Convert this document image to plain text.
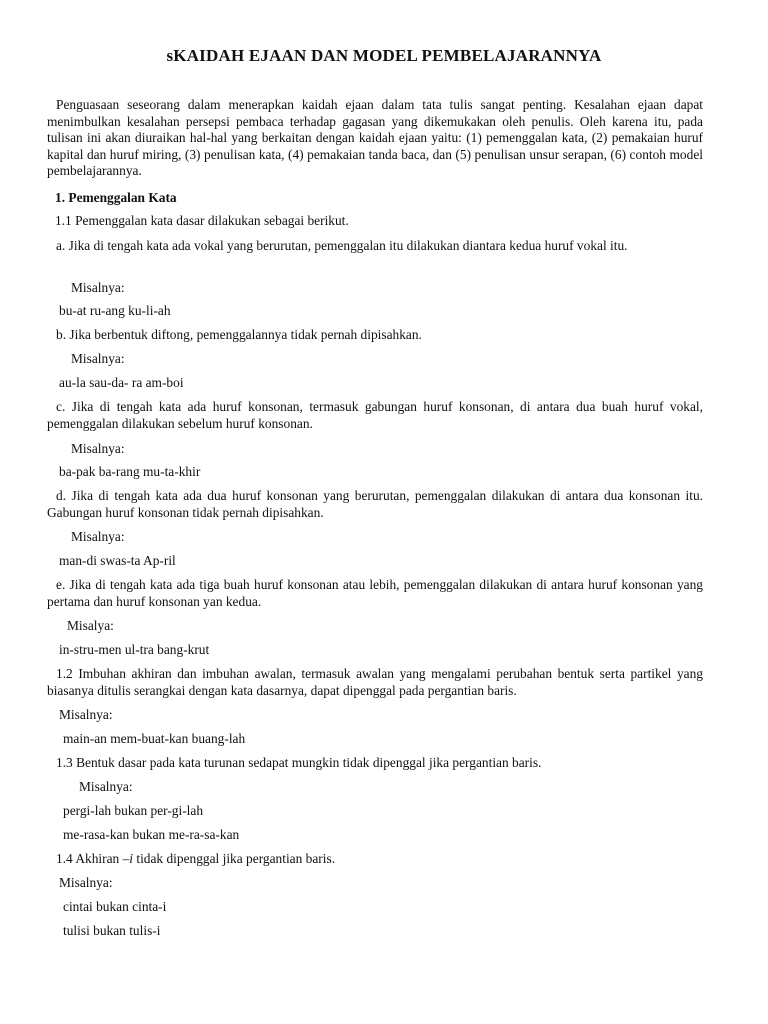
sKAIDAH EJAAN DAN MODEL PEMBELAJARANNYA
Penguasaan seseorang dalam menerapkan kaidah ejaan dalam tata tulis sangat penting. Kesalahan ejaan dapat menimbulkan kesalahan persepsi pembaca terhadap gagasan yang dikemukakan oleh penulis. Oleh karena itu, pada tulisan ini akan diuraikan hal-hal yang berkaitan dengan kaidah ejaan yaitu: (1) pemenggalan kata, (2) pemakaian huruf kapital dan huruf miring, (3) penulisan kata, (4) pemakaian tanda baca, dan (5) penulisan unsur serapan, (6) contoh model pembelajarannya.
1. Pemenggalan Kata
1.1 Pemenggalan kata dasar dilakukan sebagai berikut.
a. Jika di tengah kata ada vokal yang berurutan, pemenggalan itu dilakukan diantara kedua huruf vokal itu.
Misalnya:
bu-at ru-ang ku-li-ah
b. Jika berbentuk diftong, pemenggalannya tidak pernah dipisahkan.
Misalnya:
au-la sau-da- ra am-boi
c. Jika di tengah kata ada huruf konsonan, termasuk gabungan huruf konsonan, di antara dua buah huruf vokal, pemenggalan dilakukan sebelum huruf konsonan.
Misalnya:
ba-pak ba-rang mu-ta-khir
d. Jika di tengah kata ada dua huruf konsonan yang berurutan, pemenggalan dilakukan di antara dua konsonan itu. Gabungan huruf konsonan tidak pernah dipisahkan.
Misalnya:
man-di swas-ta Ap-ril
e. Jika di tengah kata ada tiga buah huruf konsonan atau lebih, pemenggalan dilakukan di antara huruf konsonan yang pertama dan huruf konsonan yan kedua.
Misalya:
in-stru-men ul-tra bang-krut
1.2 Imbuhan akhiran dan imbuhan awalan, termasuk awalan yang mengalami perubahan bentuk serta partikel yang biasanya ditulis serangkai dengan kata dasarnya, dapat dipenggal pada pergantian baris.
Misalnya:
main-an mem-buat-kan buang-lah
1.3 Bentuk dasar pada kata turunan sedapat mungkin tidak dipenggal jika pergantian baris.
Misalnya:
pergi-lah bukan per-gi-lah
me-rasa-kan bukan me-ra-sa-kan
1.4 Akhiran –i tidak dipenggal jika pergantian baris.
Misalnya:
cintai bukan cinta-i
tulisi bukan tulis-i
